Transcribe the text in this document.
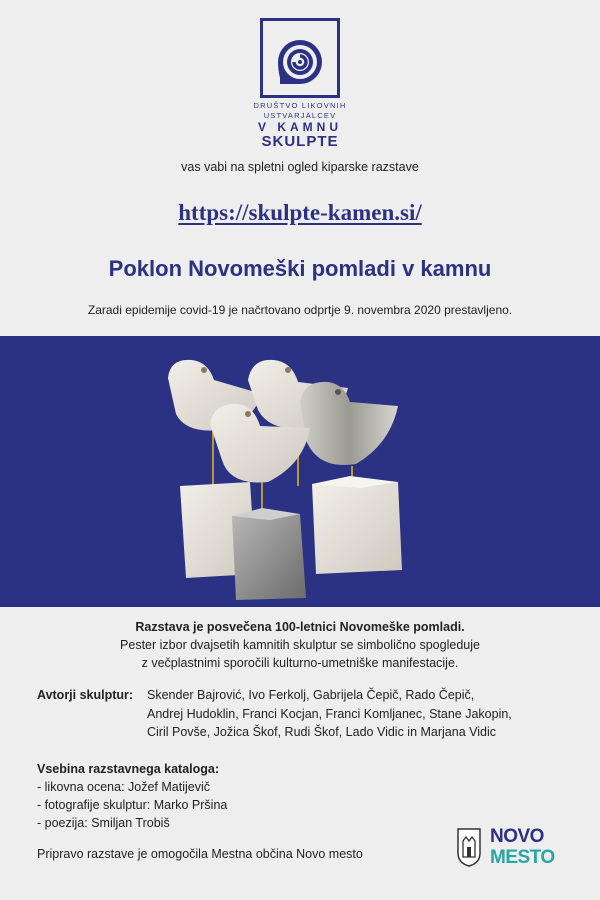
DRUŠTVO LIKOVNIH
USTVARJALCEV
V KAMNU
SKULPTE
vas vabi na spletni ogled kiparske razstave
https://skulpte-kamen.si/
Poklon Novomeški pomladi v kamnu
Zaradi epidemije covid-19 je načrtovano odprtje 9. novembra 2020 prestavljeno.
Razstava je posvečena 100-letnici Novomeške pomladi.
Pester izbor dvajsetih kamnitih skulptur se simbolično spogleduje
z večplastnimi sporočili kulturno-umetniške manifestacije.
Avtorji skulptur:	Skender Bajrović, Ivo Ferkolj, Gabrijela Čepič, Rado Čepič,
Andrej Hudoklin, Franci Kocjan, Franci Komljanec, Stane Jakopin,
Ciril Povše, Jožica Škof, Rudi Škof, Lado Vidic in Marjana Vidic
Vsebina razstavnega kataloga:
- likovna ocena: Jožef Matijevič
- fotografije skulptur: Marko Pršina
- poezija: Smiljan Trobiš
Pripravo razstave je omogočila Mestna občina Novo mesto
NOVO
MESTO
